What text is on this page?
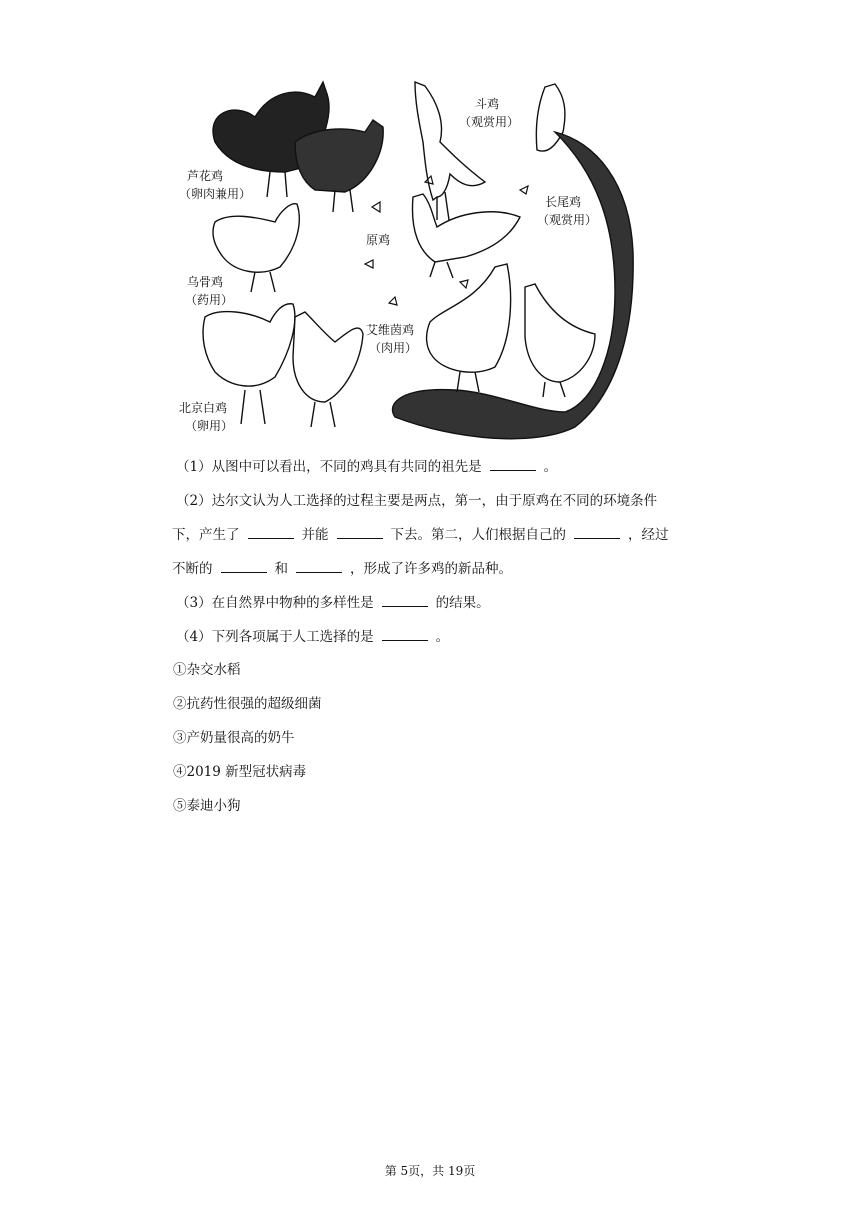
芦花鸡
（卵肉兼用）
乌骨鸡
（药用）
北京白鸡
（卵用）
斗鸡
（观赏用）
长尾鸡
（观赏用）
原鸡
艾维茵鸡
（肉用）
（1）从图中可以看出，不同的鸡具有共同的祖先是	。
（2）达尔文认为人工选择的过程主要是两点，第一，由于原鸡在不同的环境条件
下，产生了	并能	下去。第二，人们根据自己的	，经过
不断的	和	，形成了许多鸡的新品种。
（3）在自然界中物种的多样性是	的结果。
（4）下列各项属于人工选择的是	。
①杂交水稻
②抗药性很强的超级细菌
③产奶量很高的奶牛
④2019 新型冠状病毒
⑤泰迪小狗
第 5页，共 19页
